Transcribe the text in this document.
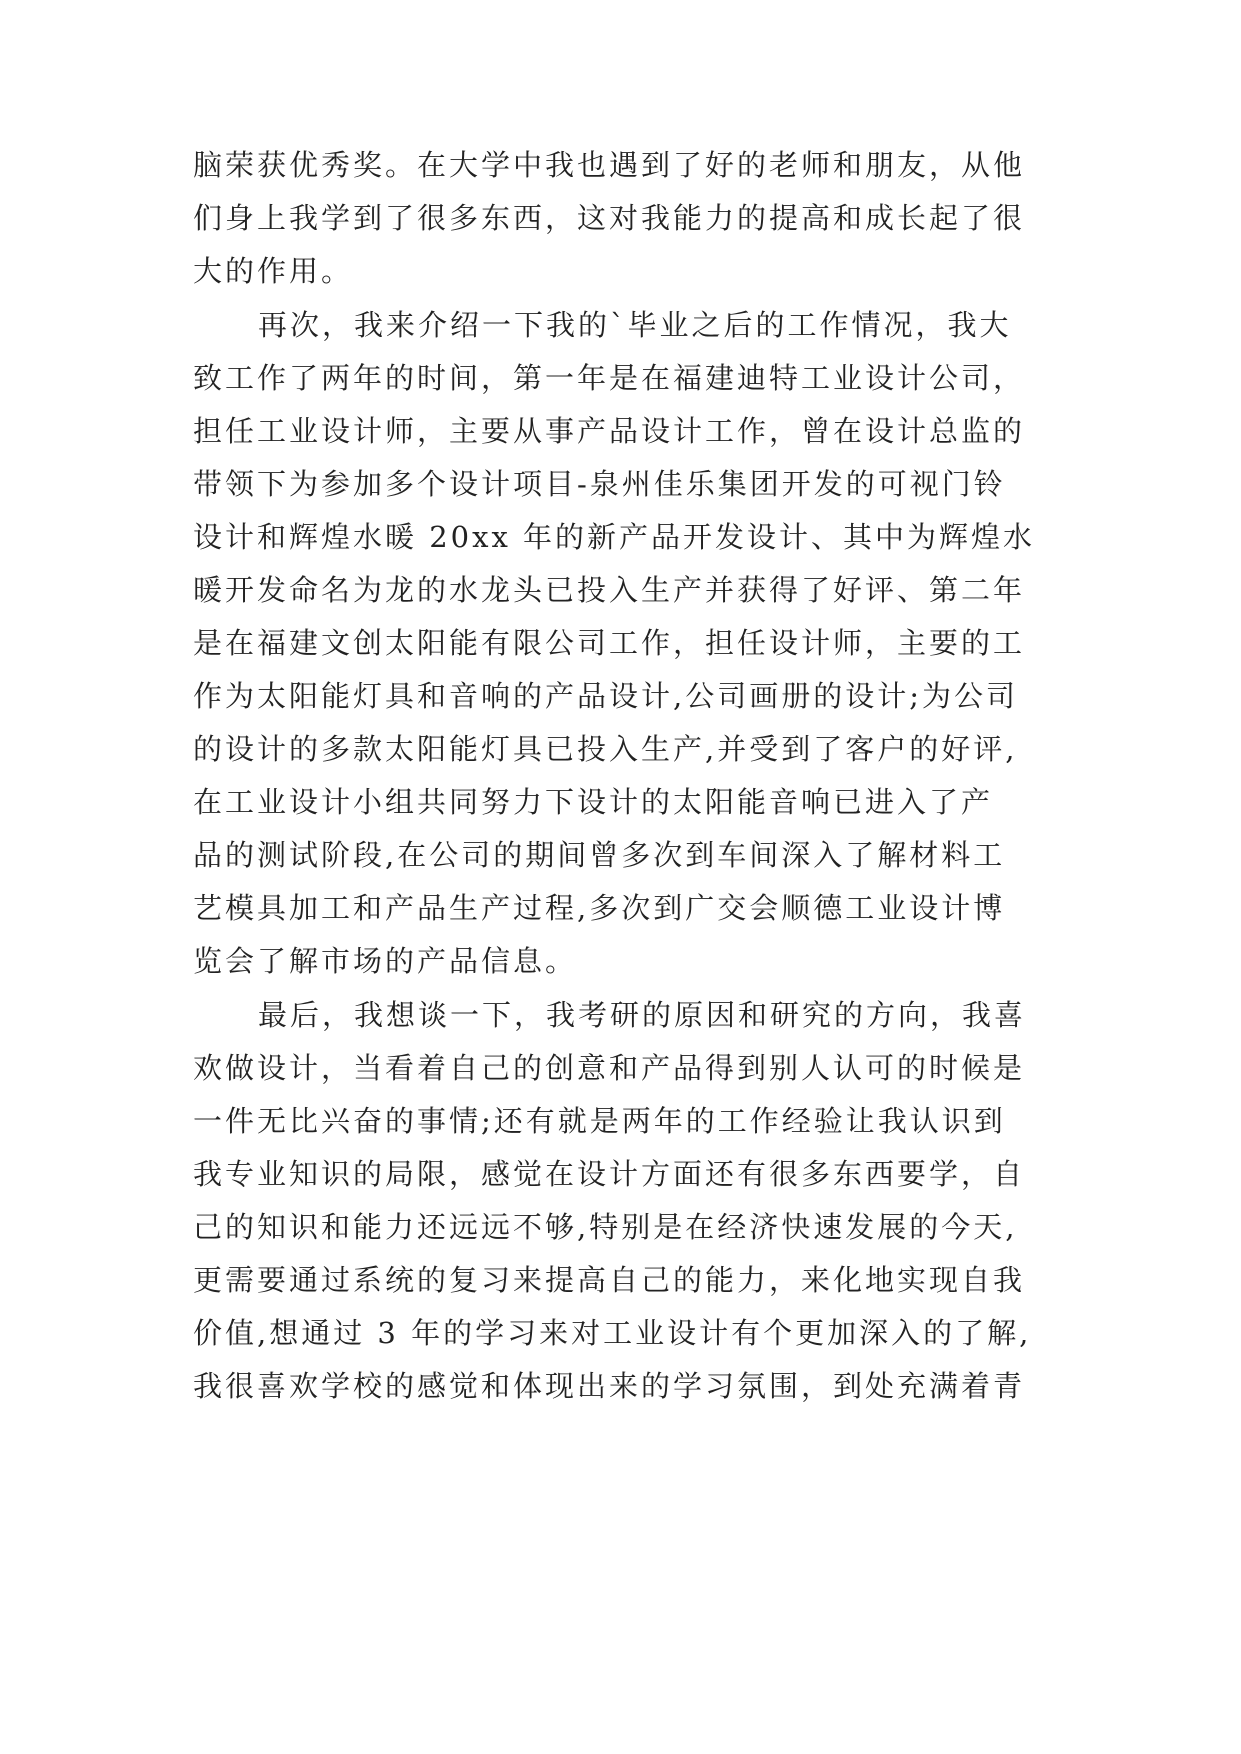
脑荣获优秀奖。在大学中我也遇到了好的老师和朋友，从他
们身上我学到了很多东西，这对我能力的提高和成长起了很
大的作用。
再次，我来介绍一下我的`毕业之后的工作情况，我大
致工作了两年的时间，第一年是在福建迪特工业设计公司，
担任工业设计师，主要从事产品设计工作，曾在设计总监的
带领下为参加多个设计项目-泉州佳乐集团开发的可视门铃
设计和辉煌水暖 20xx 年的新产品开发设计、其中为辉煌水
暖开发命名为龙的水龙头已投入生产并获得了好评、第二年
是在福建文创太阳能有限公司工作，担任设计师，主要的工
作为太阳能灯具和音响的产品设计,公司画册的设计;为公司
的设计的多款太阳能灯具已投入生产,并受到了客户的好评,
在工业设计小组共同努力下设计的太阳能音响已进入了产
品的测试阶段,在公司的期间曾多次到车间深入了解材料工
艺模具加工和产品生产过程,多次到广交会顺德工业设计博
览会了解市场的产品信息。
最后，我想谈一下，我考研的原因和研究的方向，我喜
欢做设计，当看着自己的创意和产品得到别人认可的时候是
一件无比兴奋的事情;还有就是两年的工作经验让我认识到
我专业知识的局限，感觉在设计方面还有很多东西要学，自
己的知识和能力还远远不够,特别是在经济快速发展的今天,
更需要通过系统的复习来提高自己的能力，来化地实现自我
价值,想通过 3 年的学习来对工业设计有个更加深入的了解,
我很喜欢学校的感觉和体现出来的学习氛围，到处充满着青
